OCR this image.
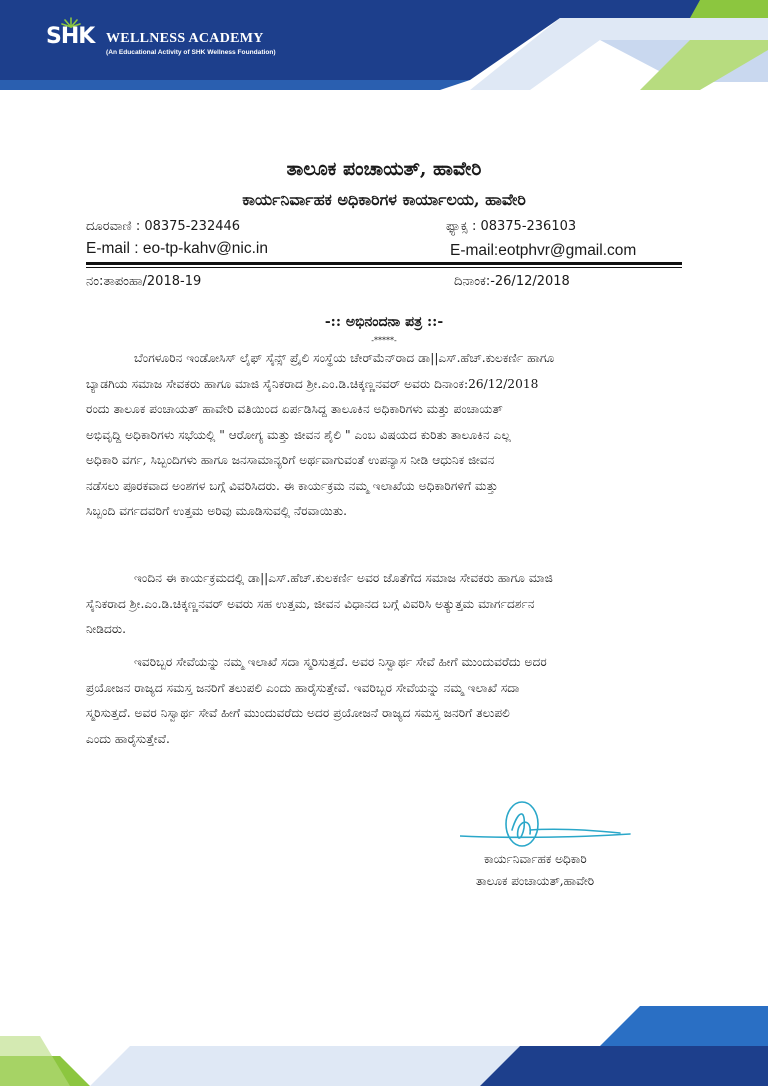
SHK WELLNESS ACADEMY
(An Educational Activity of SHK Wellness Foundation)
ತಾಲೂಕ ಪಂಚಾಯತ್, ಹಾವೇರಿ
ಕಾರ್ಯನಿರ್ವಾಹಕ ಅಧಿಕಾರಿಗಳ ಕಾರ್ಯಾಲಯ, ಹಾವೇರಿ
ದೂರವಾಣಿ : 08375-232446	ಫ್ಯಾಕ್ಸ : 08375-236103
E-mail : eo-tp-kahv@nic.in	E-mail:eotphvr@gmail.com
ನಂ:ತಾಪಂಹಾ/2018-19	ದಿನಾಂಕ:-26/12/2018
-:: ಅಭಿನಂದನಾ ಪತ್ರ ::-
-*****-
ಬೆಂಗಳೂರಿನ ಇಂಡೋಸಿಸ್ ಲೈಫ್ ಸೈನ್ಸ್ ಪ್ರೈಲಿ ಸಂಸ್ಥೆಯ ಚೇರ್‌ಮೆನ್‌ರಾದ ಡಾ||ಎಸ್.ಹೆಚ್.ಕುಲಕರ್ಣಿ ಹಾಗೂ
ಬ್ಯಾಡಗಿಯ ಸಮಾಜ ಸೇವಕರು ಹಾಗೂ ಮಾಜಿ ಸೈನಿಕರಾದ ಶ್ರೀ.ಎಂ.ಡಿ.ಚಿಕ್ಕಣ್ಣನವರ್ ಅವರು ದಿನಾಂಕ:26/12/2018
ರಂದು ತಾಲೂಕ ಪಂಚಾಯತ್ ಹಾವೇರಿ ವತಿಯಿಂದ ಏರ್ಪಡಿಸಿದ್ದ ತಾಲೂಕಿನ ಅಧಿಕಾರಿಗಳು ಮತ್ತು ಪಂಚಾಯತ್
ಅಭಿವೃದ್ದಿ ಅಧಿಕಾರಿಗಳು ಸಭೆಯಲ್ಲಿ " ಆರೋಗ್ಯ ಮತ್ತು ಜೀವನ ಶೈಲಿ " ಎಂಬ ವಿಷಯದ ಕುರಿತು ತಾಲೂಕಿನ ಎಲ್ಲ
ಅಧಿಕಾರಿ ವರ್ಗ, ಸಿಬ್ಬಂದಿಗಳು ಹಾಗೂ ಜನಸಾಮಾನ್ಯರಿಗೆ ಅರ್ಥವಾಗುವಂತೆ ಉಪನ್ಯಾಸ ನೀಡಿ ಆಧುನಿಕ ಜೀವನ
ನಡೆಸಲು ಪೂರಕವಾದ ಅಂಶಗಳ ಬಗ್ಗೆ ವಿವರಿಸಿದರು. ಈ ಕಾರ್ಯಕ್ರಮ ನಮ್ಮ ಇಲಾಖೆಯ ಅಧಿಕಾರಿಗಳಿಗೆ ಮತ್ತು
ಸಿಬ್ಬಂದಿ ವರ್ಗದವರಿಗೆ ಉತ್ತಮ ಅರಿವು ಮೂಡಿಸುವಲ್ಲಿ ನೆರವಾಯಿತು.
ಇಂದಿನ ಈ ಕಾರ್ಯಕ್ರಮದಲ್ಲಿ ಡಾ||ಎಸ್.ಹೆಚ್.ಕುಲಕರ್ಣಿ ಅವರ ಜೊತೆಗೆದ ಸಮಾಜ ಸೇವಕರು ಹಾಗೂ ಮಾಜಿ
ಸೈನಿಕರಾದ ಶ್ರೀ.ಎಂ.ಡಿ.ಚಿಕ್ಕಣ್ಣನವರ್ ಅವರು ಸಹ ಉತ್ತಮ, ಜೀವನ ವಿಧಾನದ ಬಗ್ಗೆ ವಿವರಿಸಿ ಅತ್ಯುತ್ತಮ ಮಾರ್ಗದರ್ಶನ
ನೀಡಿದರು.
ಇವರಿಬ್ಬರ ಸೇವೆಯನ್ನು ನಮ್ಮ ಇಲಾಖೆ ಸದಾ ಸ್ಮರಿಸುತ್ತದೆ. ಅವರ ನಿಸ್ವಾರ್ಥ ಸೇವೆ ಹೀಗೆ ಮುಂದುವರೆದು ಅದರ
ಪ್ರಯೋಜನ ರಾಜ್ಯದ ಸಮಸ್ತ ಜನರಿಗೆ ತಲುಪಲಿ ಎಂದು ಹಾರೈಸುತ್ತೇವೆ. ಇವರಿಬ್ಬರ ಸೇವೆಯನ್ನು ನಮ್ಮ ಇಲಾಖೆ ಸದಾ
ಸ್ಮರಿಸುತ್ತದೆ. ಅವರ ನಿಸ್ವಾರ್ಥ ಸೇವೆ ಹೀಗೆ ಮುಂದುವರೆದು ಅದರ ಪ್ರಯೋಜನೆ ರಾಜ್ಯದ ಸಮಸ್ತ ಜನರಿಗೆ ತಲುಪಲಿ
ಎಂದು ಹಾರೈಸುತ್ತೇವೆ.
ಕಾರ್ಯನಿರ್ವಾಹಕ ಅಧಿಕಾರಿ
ತಾಲೂಕ ಪಂಚಾಯತ್,ಹಾವೇರಿ
